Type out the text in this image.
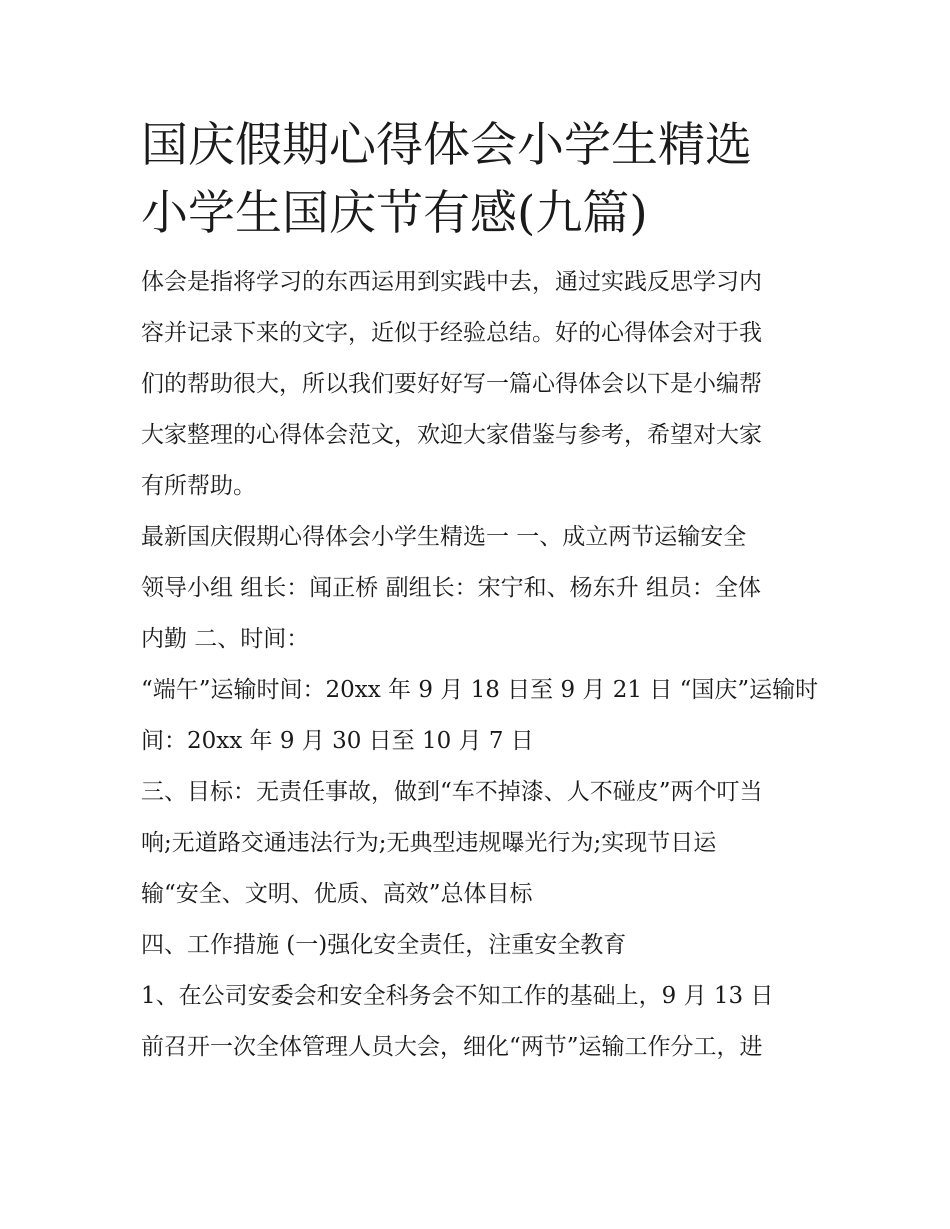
国庆假期心得体会小学生精选
小学生国庆节有感(九篇)

体会是指将学习的东西运用到实践中去，通过实践反思学习内

容并记录下来的文字，近似于经验总结。好的心得体会对于我

们的帮助很大，所以我们要好好写一篇心得体会以下是小编帮

大家整理的心得体会范文，欢迎大家借鉴与参考，希望对大家

有所帮助。

最新国庆假期心得体会小学生精选一 一、成立两节运输安全

领导小组 组长：闻正桥 副组长：宋宁和、杨东升 组员：全体

内勤 二、时间：

“端午”运输时间：20xx 年 9 月 18 日至 9 月 21 日 “国庆”运输时

间：20xx 年 9 月 30 日至 10 月 7 日

三、目标：无责任事故，做到“车不掉漆、人不碰皮”两个叮当

响;无道路交通违法行为;无典型违规曝光行为;实现节日运

输“安全、文明、优质、高效”总体目标

四、工作措施 (一)强化安全责任，注重安全教育

1、在公司安委会和安全科务会不知工作的基础上，9 月 13 日

前召开一次全体管理人员大会，细化“两节”运输工作分工，进
